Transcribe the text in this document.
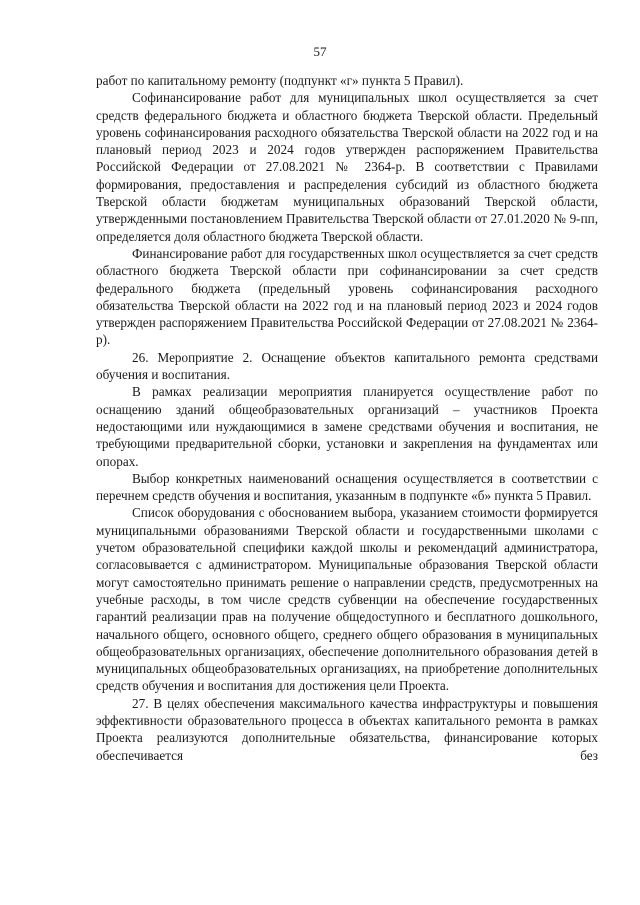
57

работ по капитальному ремонту (подпункт «г» пункта 5 Правил).

Софинансирование работ для муниципальных школ осуществляется за счет средств федерального бюджета и областного бюджета Тверской области. Предельный уровень софинансирования расходного обязательства Тверской области на 2022 год и на плановый период 2023 и 2024 годов утвержден распоряжением Правительства Российской Федерации от 27.08.2021 № 2364-р. В соответствии с Правилами формирования, предоставления и распределения субсидий из областного бюджета Тверской области бюджетам муниципальных образований Тверской области, утвержденными постановлением Правительства Тверской области от 27.01.2020 № 9-пп, определяется доля областного бюджета Тверской области.

Финансирование работ для государственных школ осуществляется за счет средств областного бюджета Тверской области при софинансировании за счет средств федерального бюджета (предельный уровень софинансирования расходного обязательства Тверской области на 2022 год и на плановый период 2023 и 2024 годов утвержден распоряжением Правительства Российской Федерации от 27.08.2021 № 2364-р).

26. Мероприятие 2. Оснащение объектов капитального ремонта средствами обучения и воспитания.

В рамках реализации мероприятия планируется осуществление работ по оснащению зданий общеобразовательных организаций – участников Проекта недостающими или нуждающимися в замене средствами обучения и воспитания, не требующими предварительной сборки, установки и закрепления на фундаментах или опорах.

Выбор конкретных наименований оснащения осуществляется в соответствии с перечнем средств обучения и воспитания, указанным в подпункте «б» пункта 5 Правил.

Список оборудования с обоснованием выбора, указанием стоимости формируется муниципальными образованиями Тверской области и государственными школами с учетом образовательной специфики каждой школы и рекомендаций администратора, согласовывается с администратором. Муниципальные образования Тверской области могут самостоятельно принимать решение о направлении средств, предусмотренных на учебные расходы, в том числе средств субвенции на обеспечение государственных гарантий реализации прав на получение общедоступного и бесплатного дошкольного, начального общего, основного общего, среднего общего образования в муниципальных общеобразовательных организациях, обеспечение дополнительного образования детей в муниципальных общеобразовательных организациях, на приобретение дополнительных средств обучения и воспитания для достижения цели Проекта.

27. В целях обеспечения максимального качества инфраструктуры и повышения эффективности образовательного процесса в объектах капитального ремонта в рамках Проекта реализуются дополнительные обязательства, финансирование которых обеспечивается без
